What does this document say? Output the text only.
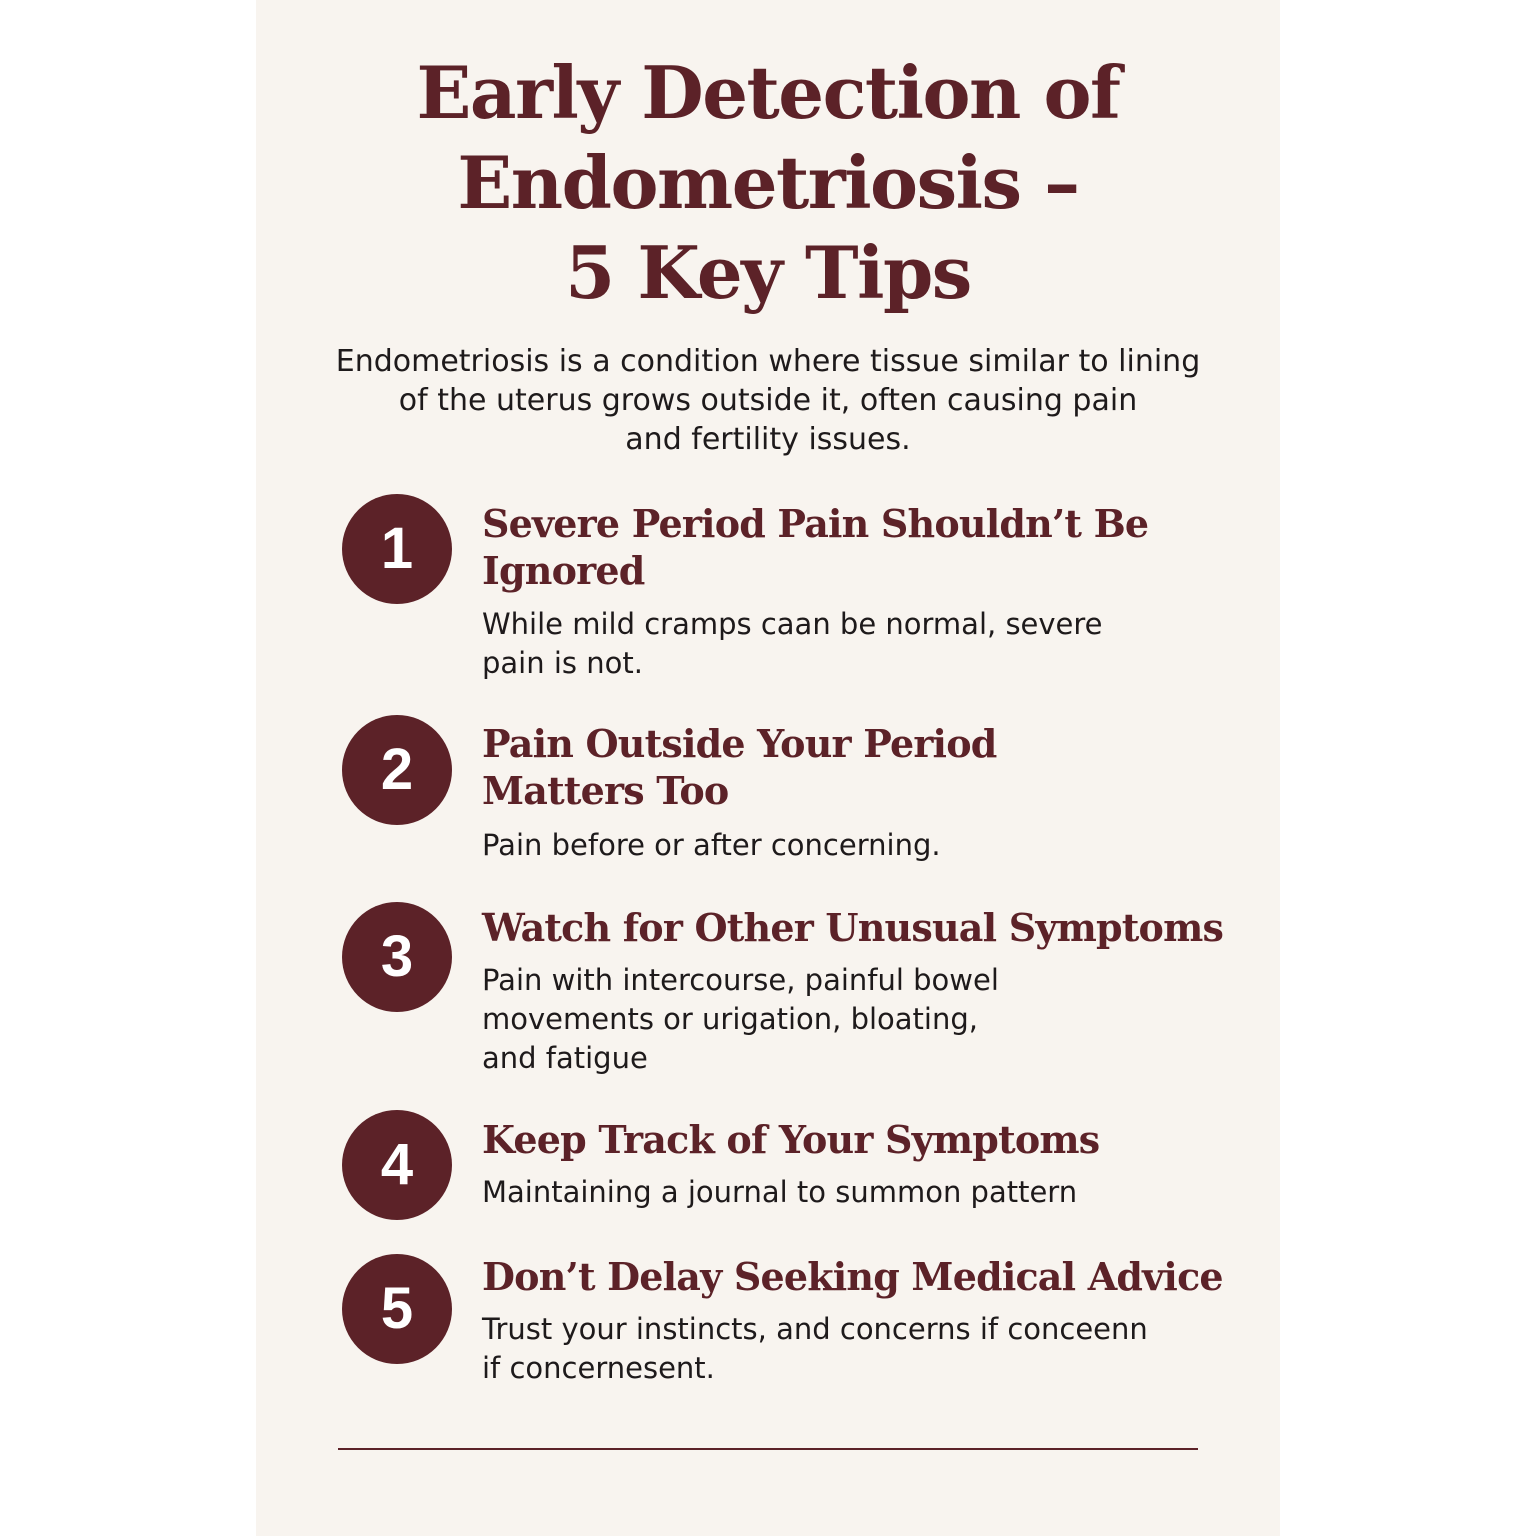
Early Detection of
Endometriosis –
5 Key Tips

Endometriosis is a condition where tissue similar to lining
of the uterus grows outside it, often causing pain
and fertility issues.

1	Severe Period Pain Shouldn’t Be
Ignored

While mild cramps caan be normal, severe
pain is not.

2	Pain Outside Your Period
Matters Too

Pain before or after concerning.

3	Watch for Other Unusual Symptoms

Pain with intercourse, painful bowel
movements or urigation, bloating,
and fatigue

4	Keep Track of Your Symptoms

Maintaining a journal to summon pattern

5	Don’t Delay Seeking Medical Advice

Trust your instincts, and concerns if conceenn
if concernesent.
